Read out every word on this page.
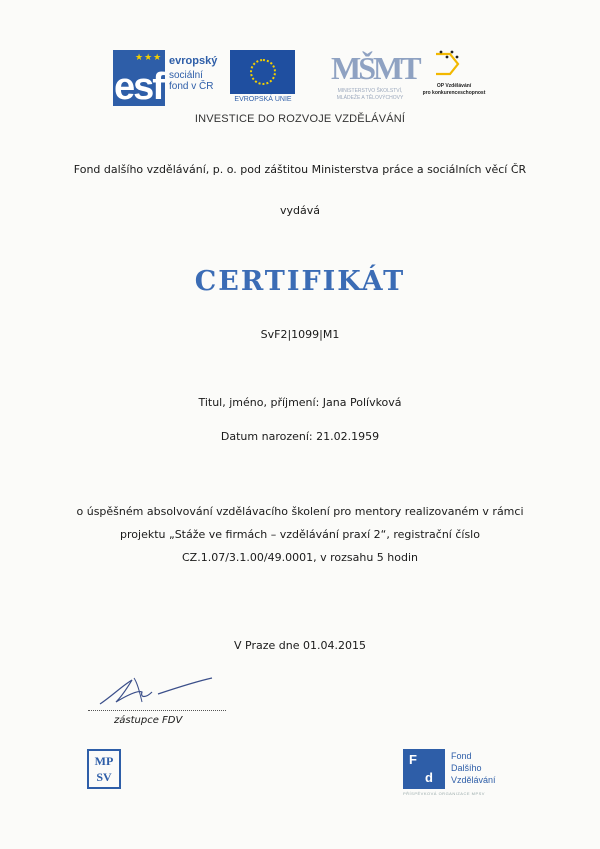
★★★
esf
evropský
sociální
fond v ČR
EVROPSKÁ UNIE
MŠMT
MINISTERSTVO ŠKOLSTVÍ,
MLÁDEŽE A TĚLOVÝCHOVY
OP Vzdělávání
pro konkurenceschopnost
INVESTICE DO ROZVOJE VZDĚLÁVÁNÍ
Fond dalšího vzdělávání, p. o. pod záštitou Ministerstva práce a sociálních věcí ČR
vydává
CERTIFIKÁT
SvF2|1099|M1
Titul, jméno, příjmení: Jana Polívková
Datum narození: 21.02.1959
o úspěšném absolvování vzdělávacího školení pro mentory realizovaném v rámci
projektu „Stáže ve firmách – vzdělávání praxí 2“, registrační číslo
CZ.1.07/3.1.00/49.0001, v rozsahu 5 hodin
V Praze dne 01.04.2015
zástupce FDV
MP
SV
F
d
Fond
Dalšího
Vzdělávání
PŘÍSPĚVKOVÁ ORGANIZACE MPSV
